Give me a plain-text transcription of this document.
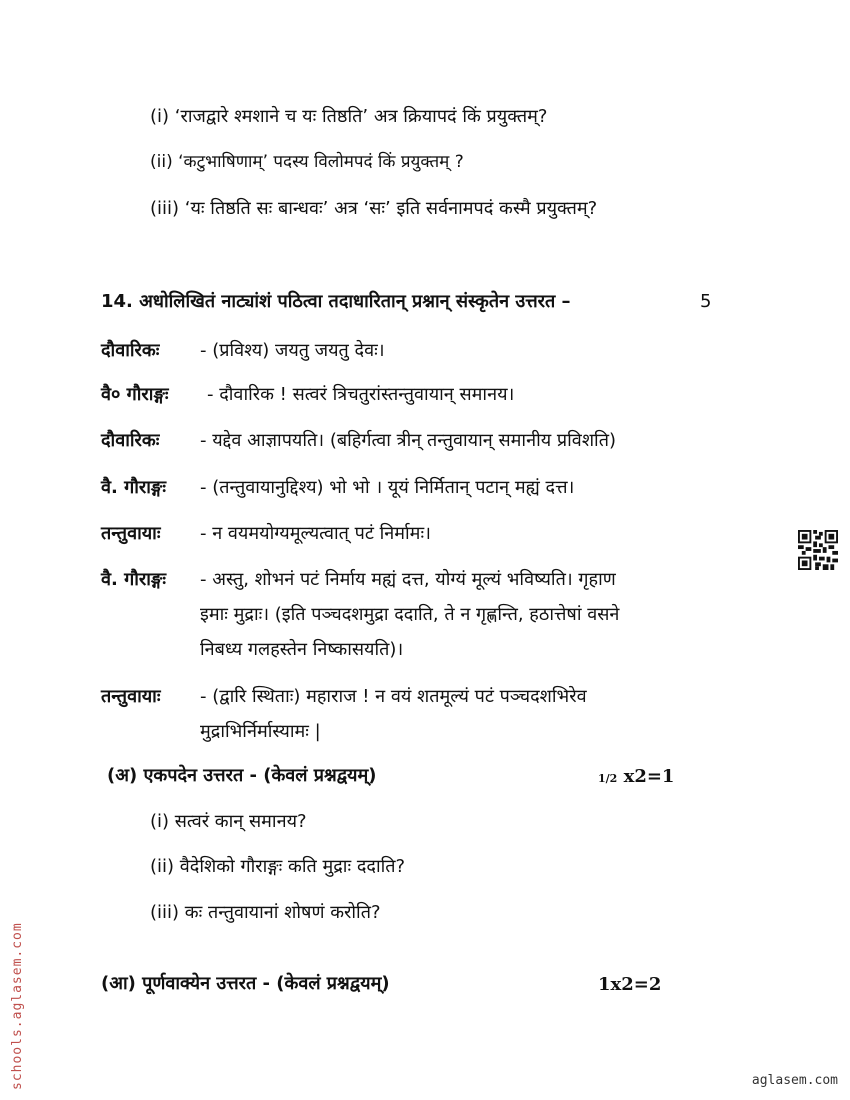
(i) ‘राजद्वारे श्मशाने च यः तिष्ठति’ अत्र क्रियापदं किं प्रयुक्तम्?
(ii) ‘कटुभाषिणाम्’ पदस्य विलोमपदं किं प्रयुक्तम् ?
(iii) ‘यः तिष्ठति सः बान्धवः’ अत्र ‘सः’ इति सर्वनामपदं कस्मै प्रयुक्तम्?
14. अधोलिखितं नाट्यांशं पठित्वा तदाधारितान् प्रश्नान् संस्कृतेन उत्तरत –	5
दौवारिकः - (प्रविश्य) जयतु जयतु देवः।
वै० गौराङ्गः - दौवारिक ! सत्वरं त्रिचतुरांस्तन्तुवायान् समानय।
दौवारिकः - यद्देव आज्ञापयति। (बहिर्गत्वा त्रीन् तन्तुवायान् समानीय प्रविशति)
वै. गौराङ्गः - (तन्तुवायानुद्दिश्य) भो भो । यूयं निर्मितान् पटान् मह्यं दत्त।
तन्तुवायाः - न वयमयोग्यमूल्यत्वात् पटं निर्मामः।
वै. गौराङ्गः - अस्तु, शोभनं पटं निर्माय मह्यं दत्त, योग्यं मूल्यं भविष्यति। गृहाण
इमाः मुद्राः। (इति पञ्चदशमुद्रा ददाति, ते न गृह्णन्ति, हठात्तेषां वसने
निबध्य गलहस्तेन निष्कासयति)।
तन्तुवायाः - (द्वारि स्थिताः) महाराज ! न वयं शतमूल्यं पटं पञ्चदशभिरेव
मुद्राभिर्निर्मास्यामः |
(अ) एकपदेन उत्तरत - (केवलं प्रश्नद्वयम्)	1/2 x2=1
(i) सत्वरं कान् समानय?
(ii) वैदेशिको गौराङ्गः कति मुद्राः ददाति?
(iii) कः तन्तुवायानां शोषणं करोति?
(आ) पूर्णवाक्येन उत्तरत - (केवलं प्रश्नद्वयम्)	1x2=2
schools.aglasem.com	aglasem.com
